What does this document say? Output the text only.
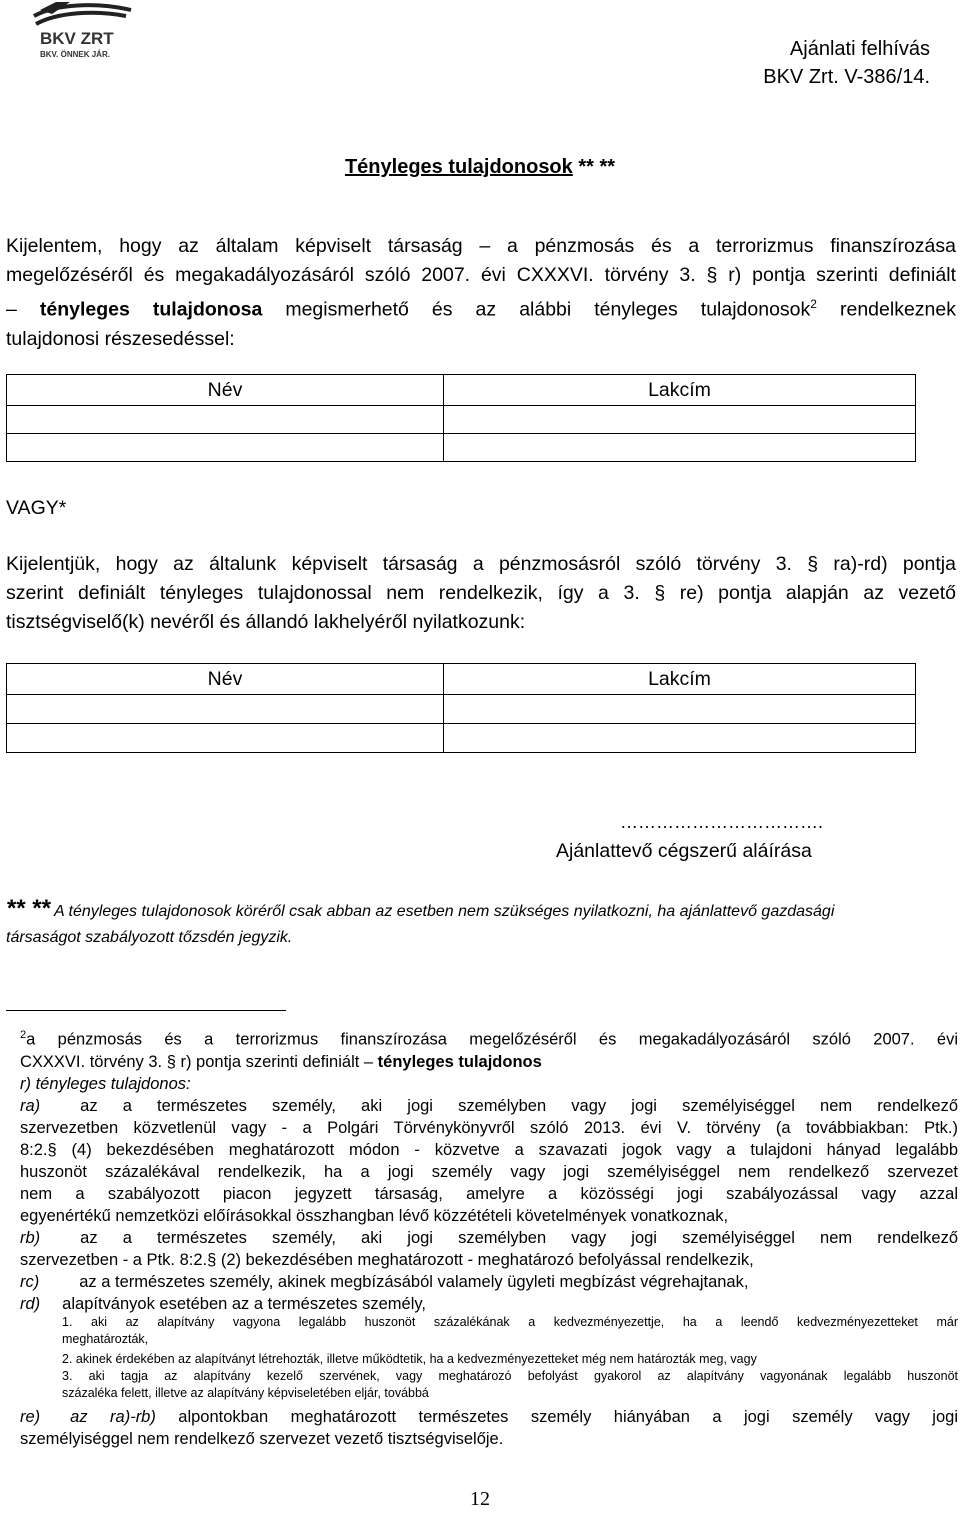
BKV ZRT
BKV. ÖNNEK JÁR.	Ajánlati felhívás
BKV Zrt. V-386/14.
Tényleges tulajdonosok ** **
Kijelentem, hogy az általam képviselt társaság – a pénzmosás és a terrorizmus finanszírozása
megelőzéséről és megakadályozásáról szóló 2007. évi CXXXVI. törvény 3. § r) pontja szerinti definiált
– tényleges tulajdonosa megismerhető és az alábbi tényleges tulajdonosok$^2$ rendelkeznek
tulajdonosi részesedéssel:
Név	Lakcím

VAGY*
Kijelentjük, hogy az általunk képviselt társaság a pénzmosásról szóló törvény 3. § ra)-rd) pontja
szerint definiált tényleges tulajdonossal nem rendelkezik, így a 3. § re) pontja alapján az vezető
tisztségviselő(k) nevéről és állandó lakhelyéről nyilatkozunk:
Név	Lakcím

…………………………….
Ajánlattevő cégszerű aláírása
** ** A tényleges tulajdonosok köréről csak abban az esetben nem szükséges nyilatkozni, ha ajánlattevő gazdasági
társaságot szabályozott tőzsdén jegyzik.
$^2$a pénzmosás és a terrorizmus finanszírozása megelőzéséről és megakadályozásáról szóló 2007. évi
CXXXVI. törvény 3. § r) pontja szerinti definiált – tényleges tulajdonos
r) tényleges tulajdonos:
ra) az a természetes személy, aki jogi személyben vagy jogi személyiséggel nem rendelkező
szervezetben közvetlenül vagy - a Polgári Törvénykönyvről szóló 2013. évi V. törvény (a továbbiakban: Ptk.)
8:2.§ (4) bekezdésében meghatározott módon - közvetve a szavazati jogok vagy a tulajdoni hányad legalább
huszonöt százalékával rendelkezik, ha a jogi személy vagy jogi személyiséggel nem rendelkező szervezet
nem a szabályozott piacon jegyzett társaság, amelyre a közösségi jogi szabályozással vagy azzal
egyenértékű nemzetközi előírásokkal összhangban lévő közzétételi követelmények vonatkoznak,
rb) az a természetes személy, aki jogi személyben vagy jogi személyiséggel nem rendelkező
szervezetben - a Ptk. 8:2.§ (2) bekezdésében meghatározott - meghatározó befolyással rendelkezik,
rc) az a természetes személy, akinek megbízásából valamely ügyleti megbízást végrehajtanak,
rd) alapítványok esetében az a természetes személy,
1. aki az alapítvány vagyona legalább huszonöt százalékának a kedvezményezettje, ha a leendő kedvezményezetteket már
meghatározták,
2. akinek érdekében az alapítványt létrehozták, illetve működtetik, ha a kedvezményezetteket még nem határozták meg, vagy
3. aki tagja az alapítvány kezelő szervének, vagy meghatározó befolyást gyakorol az alapítvány vagyonának legalább huszonöt
százaléka felett, illetve az alapítvány képviseletében eljár, továbbá
re) az ra)-rb) alpontokban meghatározott természetes személy hiányában a jogi személy vagy jogi
személyiséggel nem rendelkező szervezet vezető tisztségviselője.
12
